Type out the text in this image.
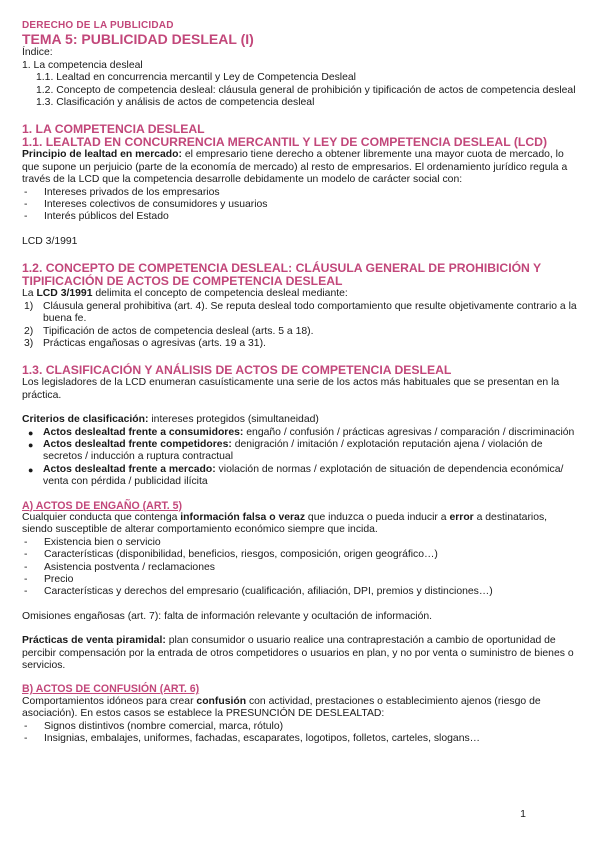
DERECHO DE LA PUBLICIDAD
TEMA 5: PUBLICIDAD DESLEAL (I)

Índice:

1. La competencia desleal

1.1. Lealtad en concurrencia mercantil y Ley de Competencia Desleal
1.2. Concepto de competencia desleal: cláusula general de prohibición y tipificación de actos de competencia desleal
1.3. Clasificación y análisis de actos de competencia desleal
1. LA COMPETENCIA DESLEAL
1.1. LEALTAD EN CONCURRENCIA MERCANTIL Y LEY DE COMPETENCIA DESLEAL (LCD)

Principio de lealtad en mercado: el empresario tiene derecho a obtener libremente una mayor cuota de mercado, lo que supone un perjuicio (parte de la economía de mercado) al resto de empresarios. El ordenamiento jurídico regula a través de la LCD que la competencia desarrolle debidamente un modelo de carácter social con:

-	Intereses privados de los empresarios
-	Intereses colectivos de consumidores y usuarios
-	Interés públicos del Estado

LCD 3/1991

1.2. CONCEPTO DE COMPETENCIA DESLEAL: CLÁUSULA GENERAL DE PROHIBICIÓN Y TIPIFICACIÓN DE ACTOS DE COMPETENCIA DESLEAL

La LCD 3/1991 delimita el concepto de competencia desleal mediante:

1) Cláusula general prohibitiva (art. 4). Se reputa desleal todo comportamiento que resulte objetivamente contrario a la buena fe.
2) Tipificación de actos de competencia desleal (arts. 5 a 18).
3) Prácticas engañosas o agresivas (arts. 19 a 31).
1.3. CLASIFICACIÓN Y ANÁLISIS DE ACTOS DE COMPETENCIA DESLEAL

Los legisladores de la LCD enumeran casuísticamente una serie de los actos más habituales que se presentan en la práctica.

Criterios de clasificación: intereses protegidos (simultaneidad)

● Actos deslealtad frente a consumidores: engaño / confusión / prácticas agresivas / comparación / discriminación
● Actos deslealtad frente competidores: denigración / imitación / explotación reputación ajena / violación de secretos / inducción a ruptura contractual
● Actos deslealtad frente a mercado: violación de normas / explotación de situación de dependencia económica/ venta con pérdida / publicidad ilícita
A) ACTOS DE ENGAÑO (ART. 5)

Cualquier conducta que contenga información falsa o veraz que induzca o pueda inducir a error a destinatarios, siendo susceptible de alterar comportamiento económico siempre que incida.

-	Existencia bien o servicio
-	Características (disponibilidad, beneficios, riesgos, composición, origen geográfico…)
-	Asistencia postventa / reclamaciones
-	Precio
-	Características y derechos del empresario (cualificación, afiliación, DPI, premios y distinciones…)

Omisiones engañosas (art. 7): falta de información relevante y ocultación de información.

Prácticas de venta piramidal: plan consumidor o usuario realice una contraprestación a cambio de oportunidad de percibir compensación por la entrada de otros competidores o usuarios en plan, y no por venta o suministro de bienes o servicios.

B) ACTOS DE CONFUSIÓN (ART. 6)

Comportamientos idóneos para crear confusión con actividad, prestaciones o establecimiento ajenos (riesgo de asociación). En estos casos se establece la PRESUNCIÓN DE DESLEALTAD:

-	Signos distintivos (nombre comercial, marca, rótulo)
-	Insignias, embalajes, uniformes, fachadas, escaparates, logotipos, folletos, carteles, slogans…
1
